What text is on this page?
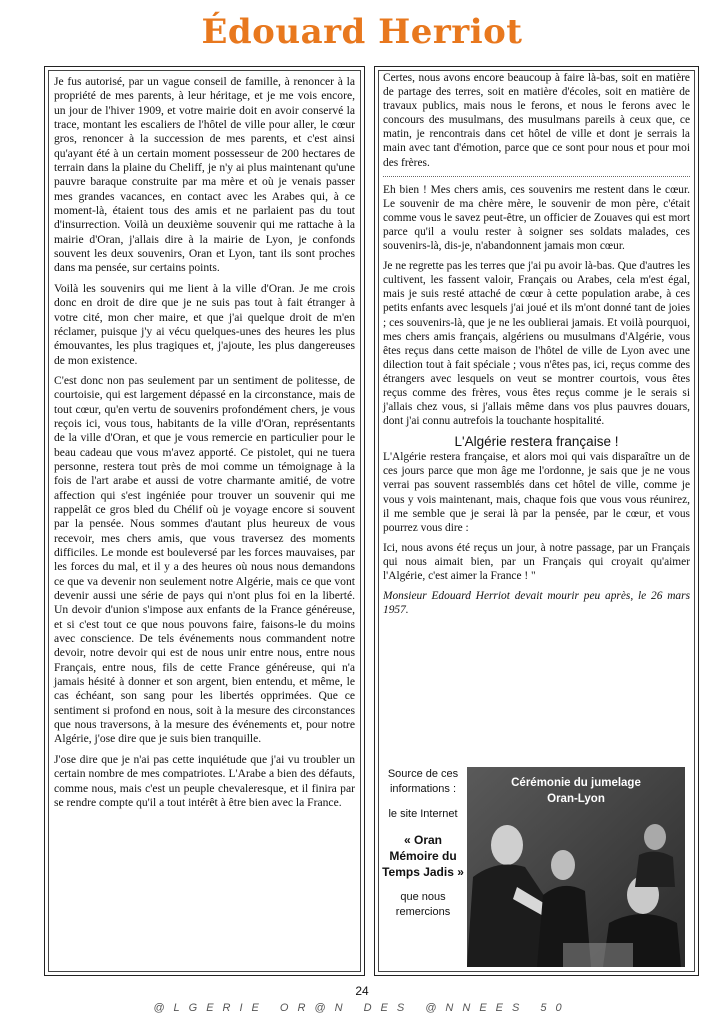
Édouard Herriot

Je fus autorisé, par un vague conseil de famille, à renoncer à la propriété de mes parents, à leur héritage, et je me vois encore, un jour de l'hiver 1909, et votre mairie doit en avoir conservé la trace, montant les escaliers de l'hôtel de ville pour aller, le cœur gros, renoncer à la succession de mes parents, et c'est ainsi qu'ayant été à un certain moment possesseur de 200 hectares de terrain dans la plaine du Cheliff, je n'y ai plus maintenant qu'une pauvre baraque construite par ma mère et où je venais passer mes grandes vacances, en contact avec les Arabes qui, à ce moment-là, étaient tous des amis et ne parlaient pas du tout d'insurrection. Voilà un deuxième souvenir qui me rattache à la mairie d'Oran, j'allais dire à la mairie de Lyon, je confonds souvent les deux souvenirs, Oran et Lyon, tant ils sont proches dans ma pensée, sur certains points.

Voilà les souvenirs qui me lient à la ville d'Oran. Je me crois donc en droit de dire que je ne suis pas tout à fait étranger à votre cité, mon cher maire, et que j'ai quelque droit de m'en réclamer, puisque j'y ai vécu quelques-unes des heures les plus émouvantes, les plus tragiques et, j'ajoute, les plus dangereuses de mon existence.

C'est donc non pas seulement par un sentiment de politesse, de courtoisie, qui est largement dépassé en la circonstance, mais de tout cœur, qu'en vertu de souvenirs profondément chers, je vous reçois ici, vous tous, habitants de la ville d'Oran, représentants de la ville d'Oran, et que je vous remercie en particulier pour le beau cadeau que vous m'avez apporté. Ce pistolet, qui ne tuera personne, restera tout près de moi comme un témoignage à la fois de l'art arabe et aussi de votre charmante amitié, de votre affection qui s'est ingéniée pour trouver un souvenir qui me rappelât ce gros bled du Chélif où je voyage encore si souvent par la pensée. Nous sommes d'autant plus heureux de vous recevoir, mes chers amis, que vous traversez des moments difficiles. Le monde est bouleversé par les forces mauvaises, par les forces du mal, et il y a des heures où nous nous demandons ce que va devenir non seulement notre Algérie, mais ce que vont devenir aussi une série de pays qui n'ont plus foi en la liberté. Un devoir d'union s'impose aux enfants de la France généreuse, et si c'est tout ce que nous pouvons faire, faisons-le du moins avec conscience. De tels événements nous commandent notre devoir, notre devoir qui est de nous unir entre nous, entre nous Français, entre nous, fils de cette France généreuse, qui n'a jamais hésité à donner et son argent, bien entendu, et même, le cas échéant, son sang pour les libertés opprimées. Que ce sentiment si profond en nous, soit à la mesure des circonstances que nous traversons, à la mesure des événements et, pour notre Algérie, j'ose dire que je suis bien tranquille.

J'ose dire que je n'ai pas cette inquiétude que j'ai vu troubler un certain nombre de mes compatriotes. L'Arabe a bien des défauts, comme nous, mais c'est un peuple chevaleresque, et il finira par se rendre compte qu'il a tout intérêt à être bien avec la France.

Certes, nous avons encore beaucoup à faire là-bas, soit en matière de partage des terres, soit en matière d'écoles, soit en matière de travaux publics, mais nous le ferons, et nous le ferons avec le concours des musulmans, des musulmans pareils à ceux que, ce matin, je rencontrais dans cet hôtel de ville et dont je serrais la main avec tant d'émotion, parce que ce sont pour nous et pour moi des frères.

Eh bien ! Mes chers amis, ces souvenirs me restent dans le cœur. Le souvenir de ma chère mère, le souvenir de mon père, c'était comme vous le savez peut-être, un officier de Zouaves qui est mort parce qu'il a voulu rester à soigner ses soldats malades, ces souvenirs-là, dis-je, n'abandonnent jamais mon cœur.

Je ne regrette pas les terres que j'ai pu avoir là-bas. Que d'autres les cultivent, les fassent valoir, Français ou Arabes, cela m'est égal, mais je suis resté attaché de cœur à cette population arabe, à ces petits enfants avec lesquels j'ai joué et ils m'ont donné tant de joies ; ces souvenirs-là, que je ne les oublierai jamais. Et voilà pourquoi, mes chers amis français, algériens ou musulmans d'Algérie, vous êtes reçus dans cette maison de l'hôtel de ville de Lyon avec une dilection tout à fait spéciale ; vous n'êtes pas, ici, reçus comme des étrangers avec lesquels on veut se montrer courtois, vous êtes reçus comme des frères, vous êtes reçus comme je le serais si j'allais chez vous, si j'allais même dans vos plus pauvres douars, dont j'ai connu autrefois la touchante hospitalité.

L'Algérie restera française !

L'Algérie restera française, et alors moi qui vais disparaître un de ces jours parce que mon âge me l'ordonne, je sais que je ne vous verrai pas souvent rassemblés dans cet hôtel de ville, comme je vous y vois maintenant, mais, chaque fois que vous vous réunirez, il me semble que je serai là par la pensée, par le cœur, et vous pourrez vous dire :

Ici, nous avons été reçus un jour, à notre passage, par un Français qui nous aimait bien, par un Français qui croyait qu'aimer l'Algérie, c'est aimer la France ! "

Monsieur Edouard Herriot devait mourir peu après, le 26 mars 1957.
Source de ces informations :
le site Internet
« Oran Mémoire du Temps Jadis »
que nous remercions
Cérémonie du jumelage
Oran-Lyon
24
@LGERIE OR@N DES @NNEES 50
